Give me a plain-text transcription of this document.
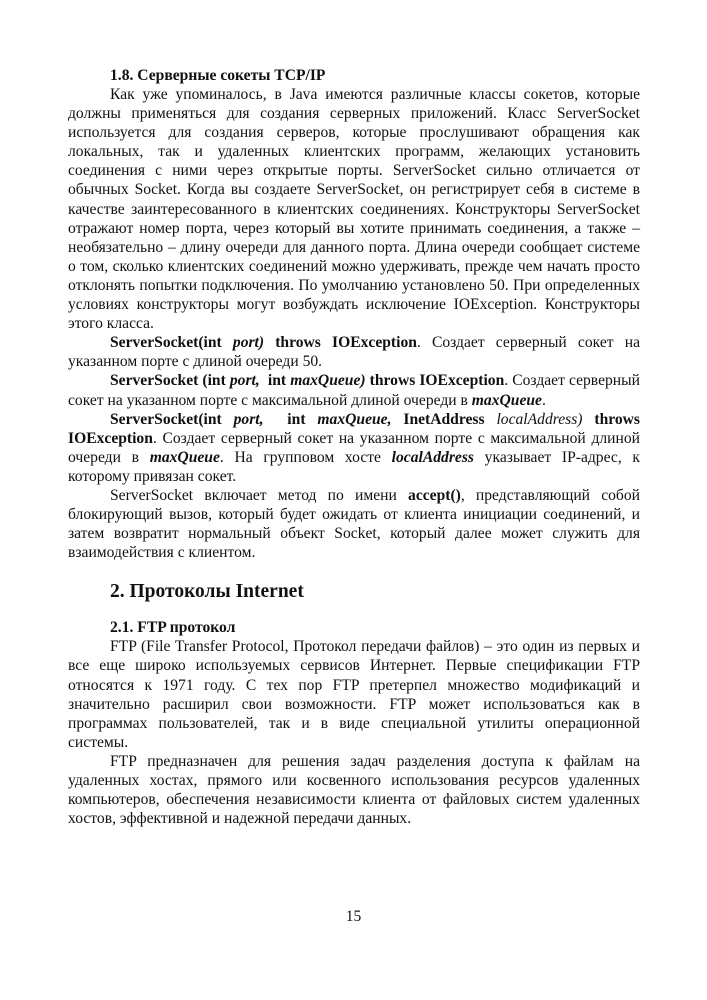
1.8. Серверные сокеты TCP/IP

Как уже упоминалось, в Java имеются различные классы сокетов, которые должны применяться для создания серверных приложений. Класс ServerSocket используется для создания серверов, которые прослушивают обращения как локальных, так и удаленных клиентских программ, желающих установить соединения с ними через открытые порты. ServerSocket сильно отличается от обычных Socket. Когда вы создаете ServerSocket, он регистрирует себя в системе в качестве заинтересованного в клиентских соединениях. Конструкторы ServerSocket отражают номер порта, через который вы хотите принимать соединения, а также – необязательно – длину очереди для данного порта. Длина очереди сообщает системе о том, сколько клиентских соединений можно удерживать, прежде чем начать просто отклонять попытки подключения. По умолчанию установлено 50. При определенных условиях конструкторы могут возбуждать исключение IOException. Конструкторы этого класса.

ServerSocket(int port) throws IOException. Создает серверный сокет на указанном порте с длиной очереди 50.

ServerSocket (int port,  int maxQueue) throws IOException. Создает серверный сокет на указанном порте с максимальной длиной очереди в maxQueue.

ServerSocket(int port,  int maxQueue, InetAddress localAddress) throws IOException. Создает серверный сокет на указанном порте с максимальной длиной очереди в maxQueue. На групповом хосте localAddress указывает IP-адрес, к которому привязан сокет.

ServerSocket включает метод по имени accept(), представляющий собой блокирующий вызов, который будет ожидать от клиента инициации соединений, и затем возвратит нормальный объект Socket, который далее может служить для взаимодействия с клиентом.

2. Протоколы Internet
2.1. FTP протокол

FTP (File Transfer Protocol, Протокол передачи файлов) – это один из первых и все еще широко используемых сервисов Интернет. Первые спецификации FTP относятся к 1971 году. С тех пор FTP претерпел множество модификаций и значительно расширил свои возможности. FTP может использоваться как в программах пользователей, так и в виде специальной утилиты операционной системы.

FTP предназначен для решения задач разделения доступа к файлам на удаленных хостах, прямого или косвенного использования ресурсов удаленных компьютеров, обеспечения независимости клиента от файловых систем удаленных хостов, эффективной и надежной передачи данных.

15
